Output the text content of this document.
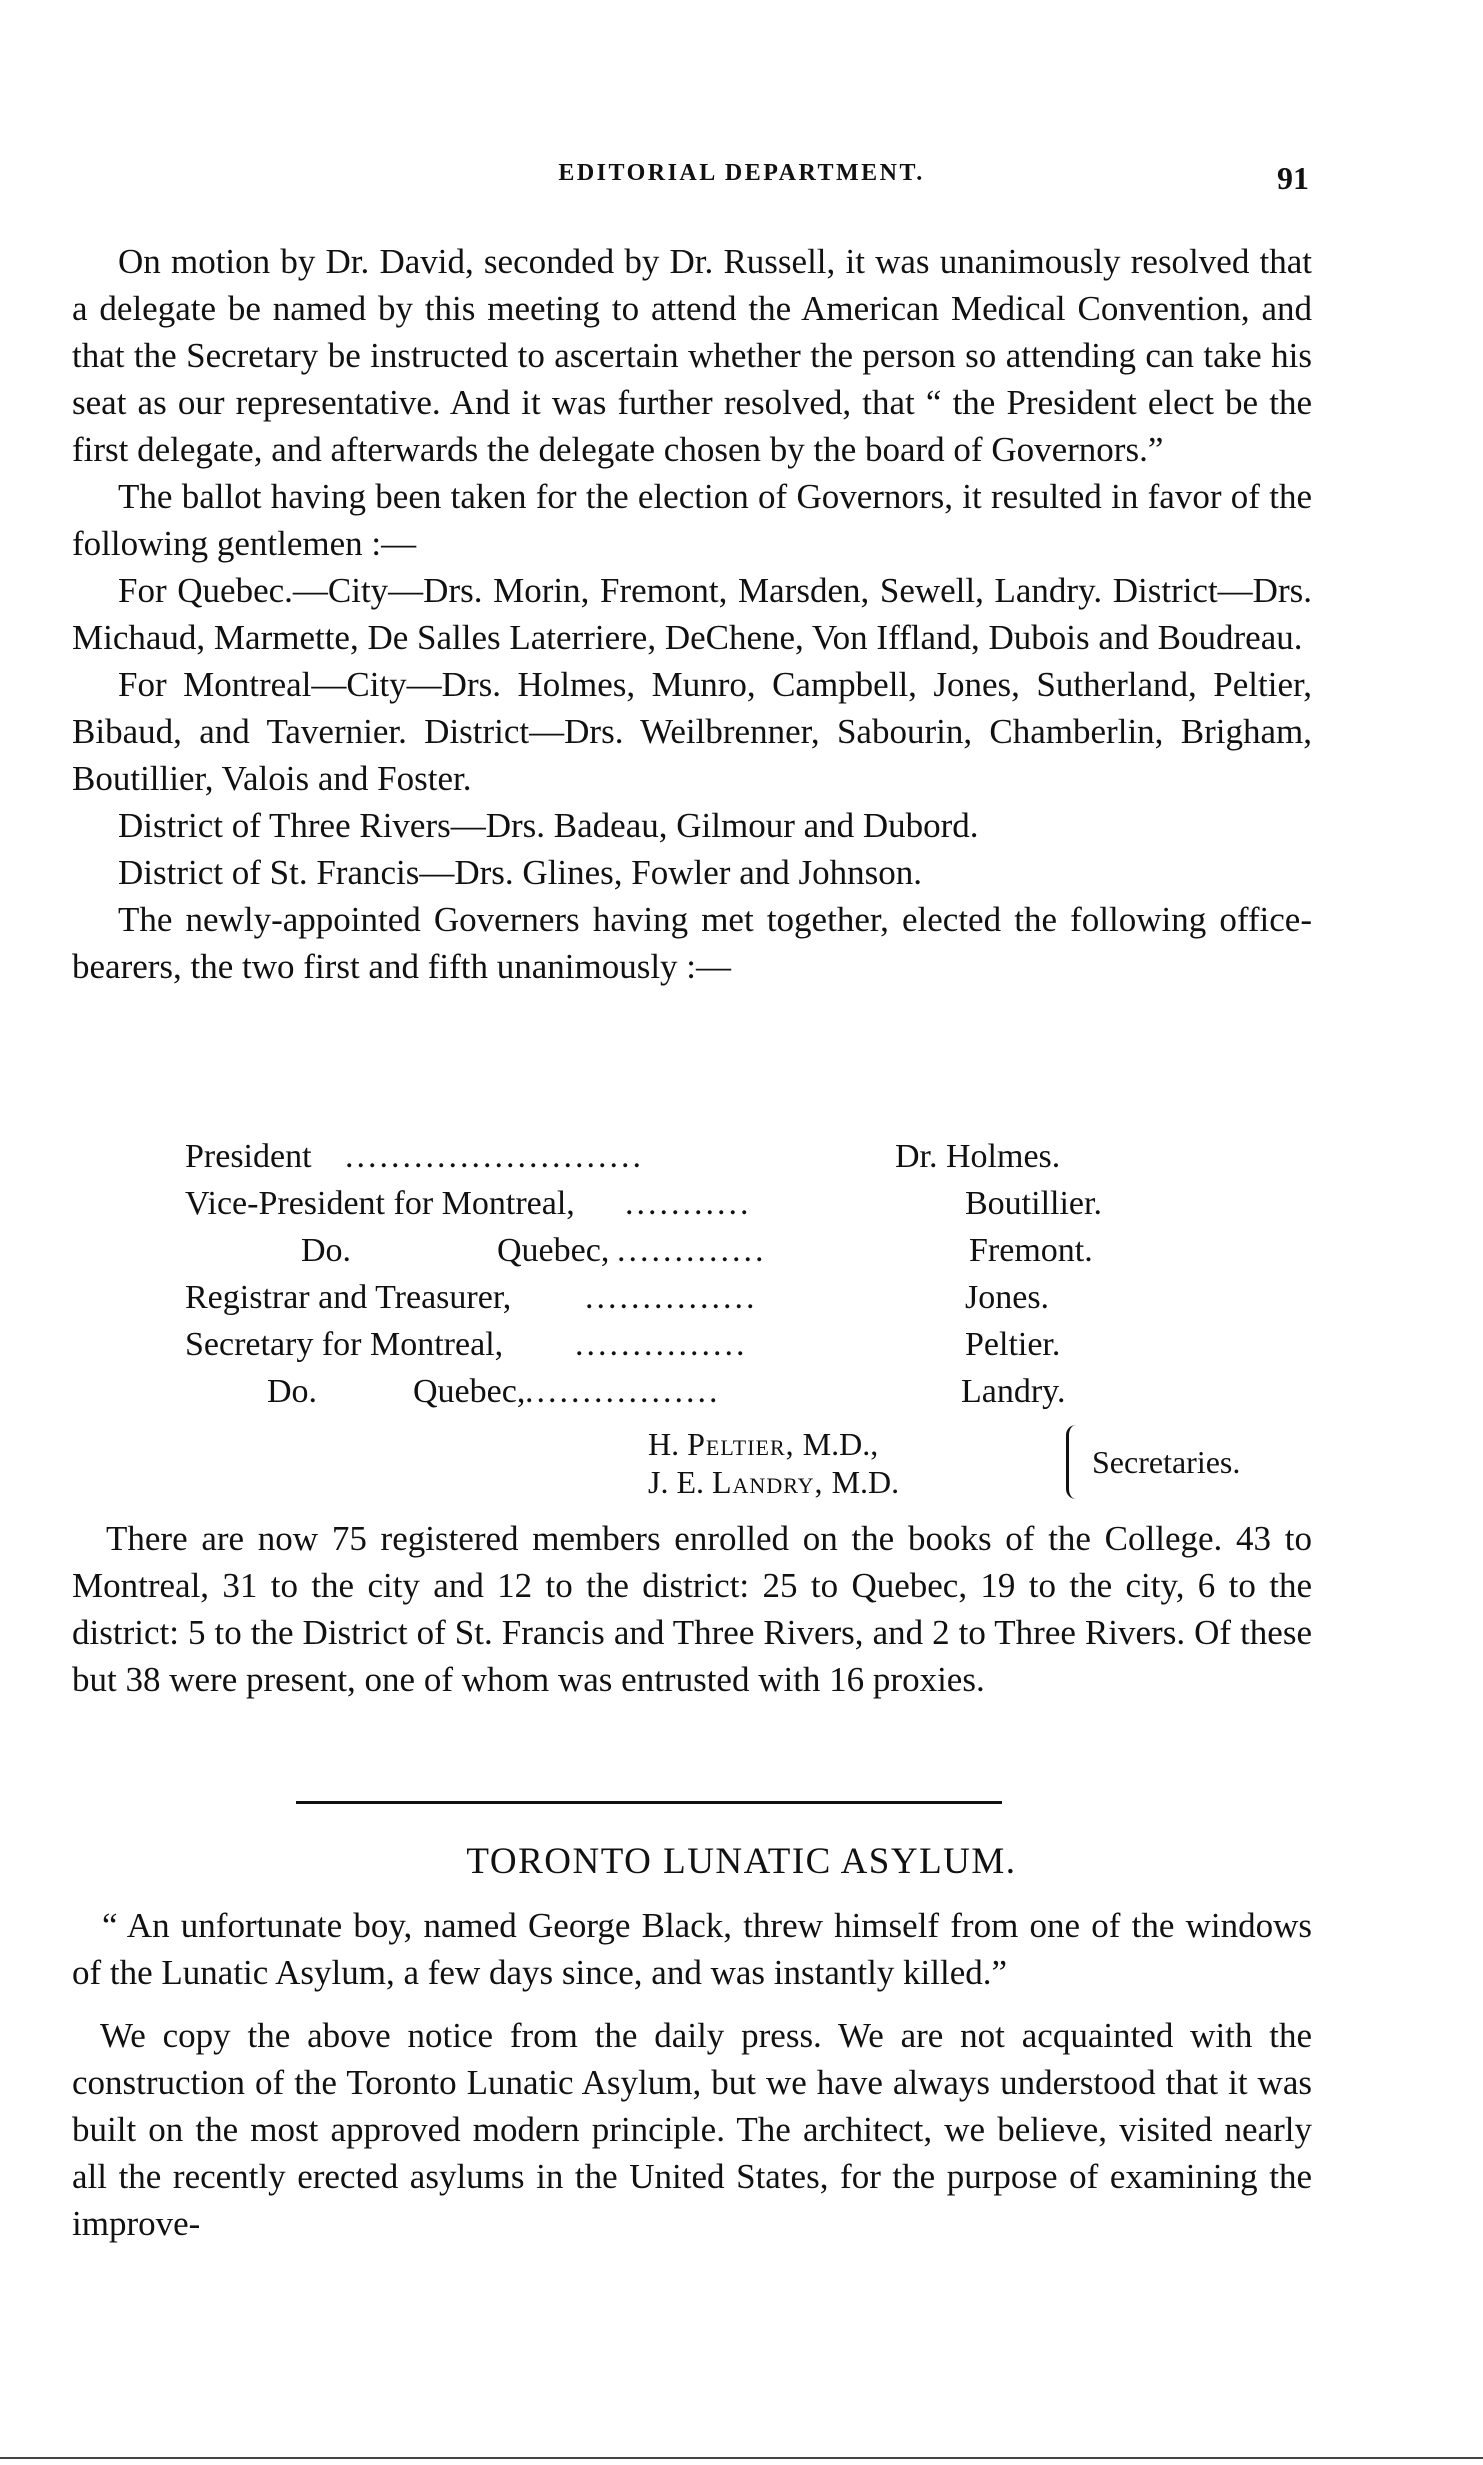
EDITORIAL DEPARTMENT.	91

On motion by Dr. David, seconded by Dr. Russell, it was unanimously resolved that a delegate be named by this meeting to attend the American Medical Convention, and that the Secretary be instructed to ascertain whether the person so attending can take his seat as our representative. And it was further resolved, that “ the President elect be the first delegate, and afterwards the delegate chosen by the board of Governors.”

The ballot having been taken for the election of Governors, it resulted in favor of the following gentlemen :—

For Quebec.—City—Drs. Morin, Fremont, Marsden, Sewell, Landry. District—Drs. Michaud, Marmette, De Salles Laterriere, DeChene, Von Iffland, Dubois and Boudreau.

For Montreal—City—Drs. Holmes, Munro, Campbell, Jones, Sutherland, Peltier, Bibaud, and Tavernier. District—Drs. Weilbrenner, Sabourin, Chamberlin, Brigham, Boutillier, Valois and Foster.

District of Three Rivers—Drs. Badeau, Gilmour and Dubord.

District of St. Francis—Drs. Glines, Fowler and Johnson.

The newly-appointed Governers having met together, elected the following office-bearers, the two first and fifth unanimously :—

President ..........................	Dr. Holmes.
Vice-President for Montreal, ...........	Boutillier.
Do.	Quebec, .............	Fremont.
Registrar and Treasurer, ...............	Jones.
Secretary for Montreal, ...............	Peltier.
Do.	Quebec, .................	Landry.
H. Peltier, M.D.,
J. E. Landry, M.D.
Secretaries.

There are now 75 registered members enrolled on the books of the College. 43 to Montreal, 31 to the city and 12 to the district: 25 to Quebec, 19 to the city, 6 to the district: 5 to the District of St. Francis and Three Rivers, and 2 to Three Rivers. Of these but 38 were present, one of whom was entrusted with 16 proxies.

TORONTO LUNATIC ASYLUM.

“ An unfortunate boy, named George Black, threw himself from one of the windows of the Lunatic Asylum, a few days since, and was instantly killed.”

We copy the above notice from the daily press. We are not acquainted with the construction of the Toronto Lunatic Asylum, but we have always understood that it was built on the most approved modern principle. The architect, we believe, visited nearly all the recently erected asylums in the United States, for the purpose of examining the improve-
